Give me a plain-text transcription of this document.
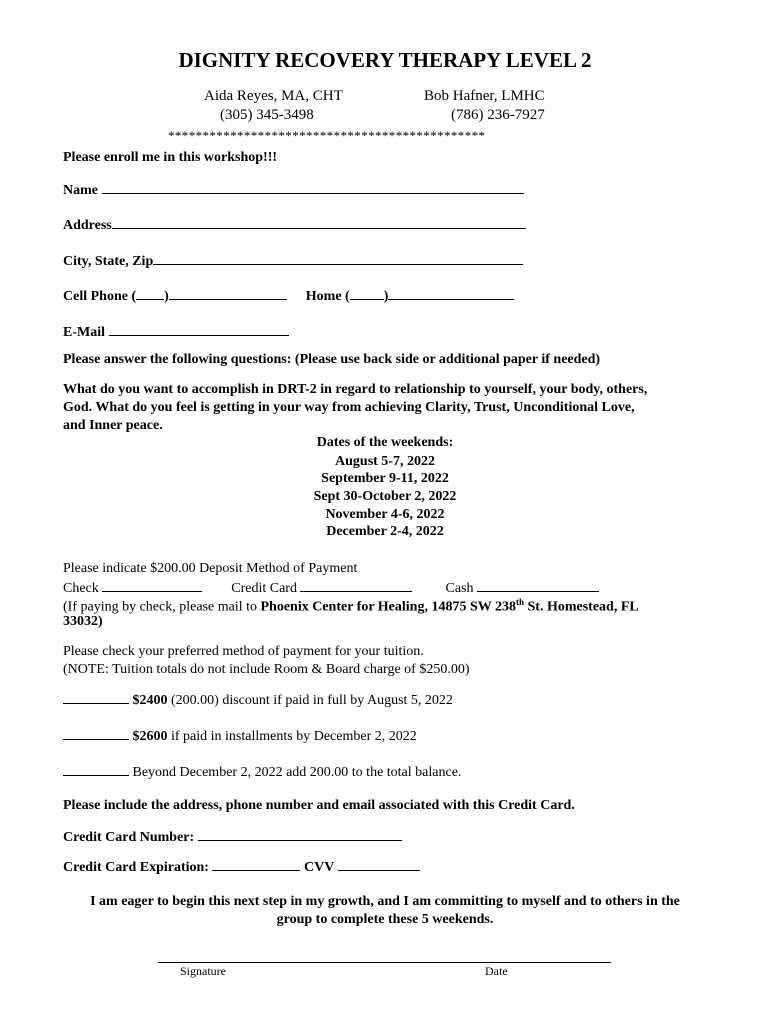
DIGNITY RECOVERY THERAPY LEVEL 2
Aida Reyes, MA, CHT
(305) 345-3498
Bob Hafner, LMHC
(786) 236-7927
**********************************************
Please enroll me in this workshop!!!
Name
Address
City, State, Zip
Cell Phone ( )	Home ( )
E-Mail
Please answer the following questions: (Please use back side or additional paper if needed)
What do you want to accomplish in DRT-2 in regard to relationship to yourself, your body, others,
God. What do you feel is getting in your way from achieving Clarity, Trust, Unconditional Love,
and Inner peace.
Dates of the weekends:
August 5-7, 2022
September 9-11, 2022
Sept 30-October 2, 2022
November 4-6, 2022
December 2-4, 2022
Please indicate $200.00 Deposit Method of Payment
Check	Credit Card	Cash
(If paying by check, please mail to Phoenix Center for Healing, 14875 SW 238th St. Homestead, FL
33032)
Please check your preferred method of payment for your tuition.
(NOTE: Tuition totals do not include Room & Board charge of $250.00)
$2400 (200.00) discount if paid in full by August 5, 2022
$2600 if paid in installments by December 2, 2022
Beyond December 2, 2022 add 200.00 to the total balance.
Please include the address, phone number and email associated with this Credit Card.
Credit Card Number:
Credit Card Expiration:	CVV
I am eager to begin this next step in my growth, and I am committing to myself and to others in the
group to complete these 5 weekends.
Signature	Date
